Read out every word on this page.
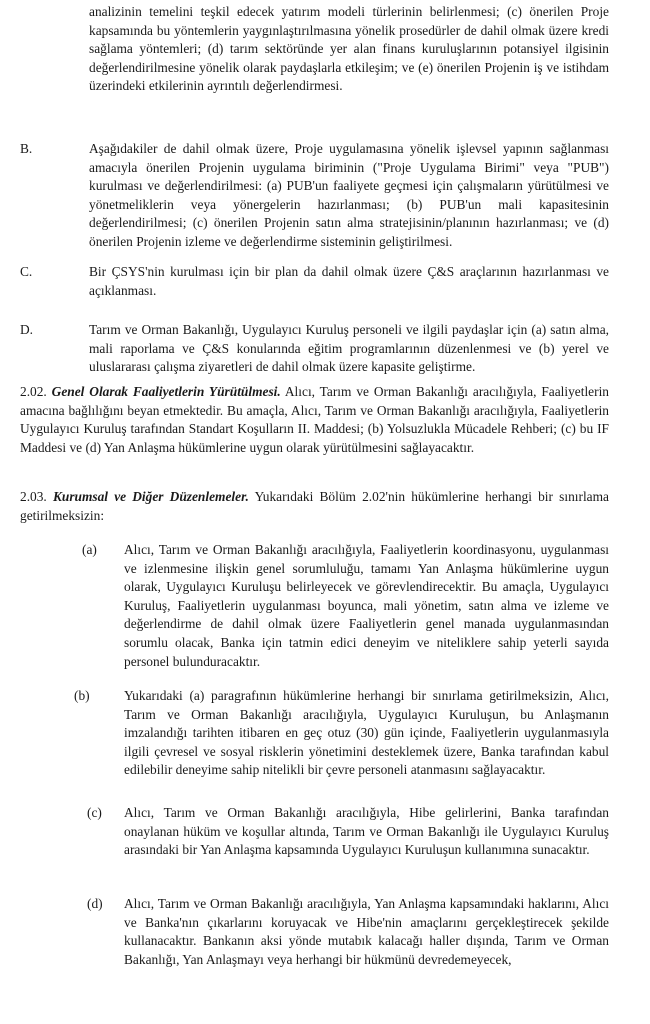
analizinin temelini teşkil edecek yatırım modeli türlerinin belirlenmesi; (c) önerilen Proje kapsamında bu yöntemlerin yaygınlaştırılmasına yönelik prosedürler de dahil olmak üzere kredi sağlama yöntemleri; (d) tarım sektöründe yer alan finans kuruluşlarının potansiyel ilgisinin değerlendirilmesine yönelik olarak paydaşlarla etkileşim; ve (e) önerilen Projenin iş ve istihdam üzerindeki etkilerinin ayrıntılı değerlendirmesi.

B.	Aşağıdakiler de dahil olmak üzere, Proje uygulamasına yönelik işlevsel yapının sağlanması amacıyla önerilen Projenin uygulama biriminin ("Proje Uygulama Birimi" veya "PUB") kurulması ve değerlendirilmesi: (a) PUB'un faaliyete geçmesi için çalışmaların yürütülmesi ve yönetmeliklerin veya yönergelerin hazırlanması; (b) PUB'un mali kapasitesinin değerlendirilmesi; (c) önerilen Projenin satın alma stratejisinin/planının hazırlanması; ve (d) önerilen Projenin izleme ve değerlendirme sisteminin geliştirilmesi.

C.	Bir ÇSYS'nin kurulması için bir plan da dahil olmak üzere Ç&S araçlarının hazırlanması ve açıklanması.

D.	Tarım ve Orman Bakanlığı, Uygulayıcı Kuruluş personeli ve ilgili paydaşlar için (a) satın alma, mali raporlama ve Ç&S konularında eğitim programlarının düzenlenmesi ve (b) yerel ve uluslararası çalışma ziyaretleri de dahil olmak üzere kapasite geliştirme.

2.02. Genel Olarak Faaliyetlerin Yürütülmesi. Alıcı, Tarım ve Orman Bakanlığı aracılığıyla, Faaliyetlerin amacına bağlılığını beyan etmektedir. Bu amaçla, Alıcı, Tarım ve Orman Bakanlığı aracılığıyla, Faaliyetlerin Uygulayıcı Kuruluş tarafından Standart Koşulların II. Maddesi; (b) Yolsuzlukla Mücadele Rehberi; (c) bu IF Maddesi ve (d) Yan Anlaşma hükümlerine uygun olarak yürütülmesini sağlayacaktır.

2.03. Kurumsal ve Diğer Düzenlemeler. Yukarıdaki Bölüm 2.02'nin hükümlerine herhangi bir sınırlama getirilmeksizin:

(a) Alıcı, Tarım ve Orman Bakanlığı aracılığıyla, Faaliyetlerin koordinasyonu, uygulanması ve izlenmesine ilişkin genel sorumluluğu, tamamı Yan Anlaşma hükümlerine uygun olarak, Uygulayıcı Kuruluşu belirleyecek ve görevlendirecektir. Bu amaçla, Uygulayıcı Kuruluş, Faaliyetlerin uygulanması boyunca, mali yönetim, satın alma ve izleme ve değerlendirme de dahil olmak üzere Faaliyetlerin genel manada uygulanmasından sorumlu olacak, Banka için tatmin edici deneyim ve niteliklere sahip yeterli sayıda personel bulunduracaktır.

(b)	Yukarıdaki (a) paragrafının hükümlerine herhangi bir sınırlama getirilmeksizin, Alıcı, Tarım ve Orman Bakanlığı aracılığıyla, Uygulayıcı Kuruluşun, bu Anlaşmanın imzalandığı tarihten itibaren en geç otuz (30) gün içinde, Faaliyetlerin uygulanmasıyla ilgili çevresel ve sosyal risklerin yönetimini desteklemek üzere, Banka tarafından kabul edilebilir deneyime sahip nitelikli bir çevre personeli atanmasını sağlayacaktır.

(c) Alıcı, Tarım ve Orman Bakanlığı aracılığıyla, Hibe gelirlerini, Banka tarafından onaylanan hüküm ve koşullar altında, Tarım ve Orman Bakanlığı ile Uygulayıcı Kuruluş arasındaki bir Yan Anlaşma kapsamında Uygulayıcı Kuruluşun kullanımına sunacaktır.

(d) Alıcı, Tarım ve Orman Bakanlığı aracılığıyla, Yan Anlaşma kapsamındaki haklarını, Alıcı ve Banka'nın çıkarlarını koruyacak ve Hibe'nin amaçlarını gerçekleştirecek şekilde kullanacaktır. Bankanın aksi yönde mutabık kalacağı haller dışında, Tarım ve Orman Bakanlığı, Yan Anlaşmayı veya herhangi bir hükmünü devredemeyecek,
